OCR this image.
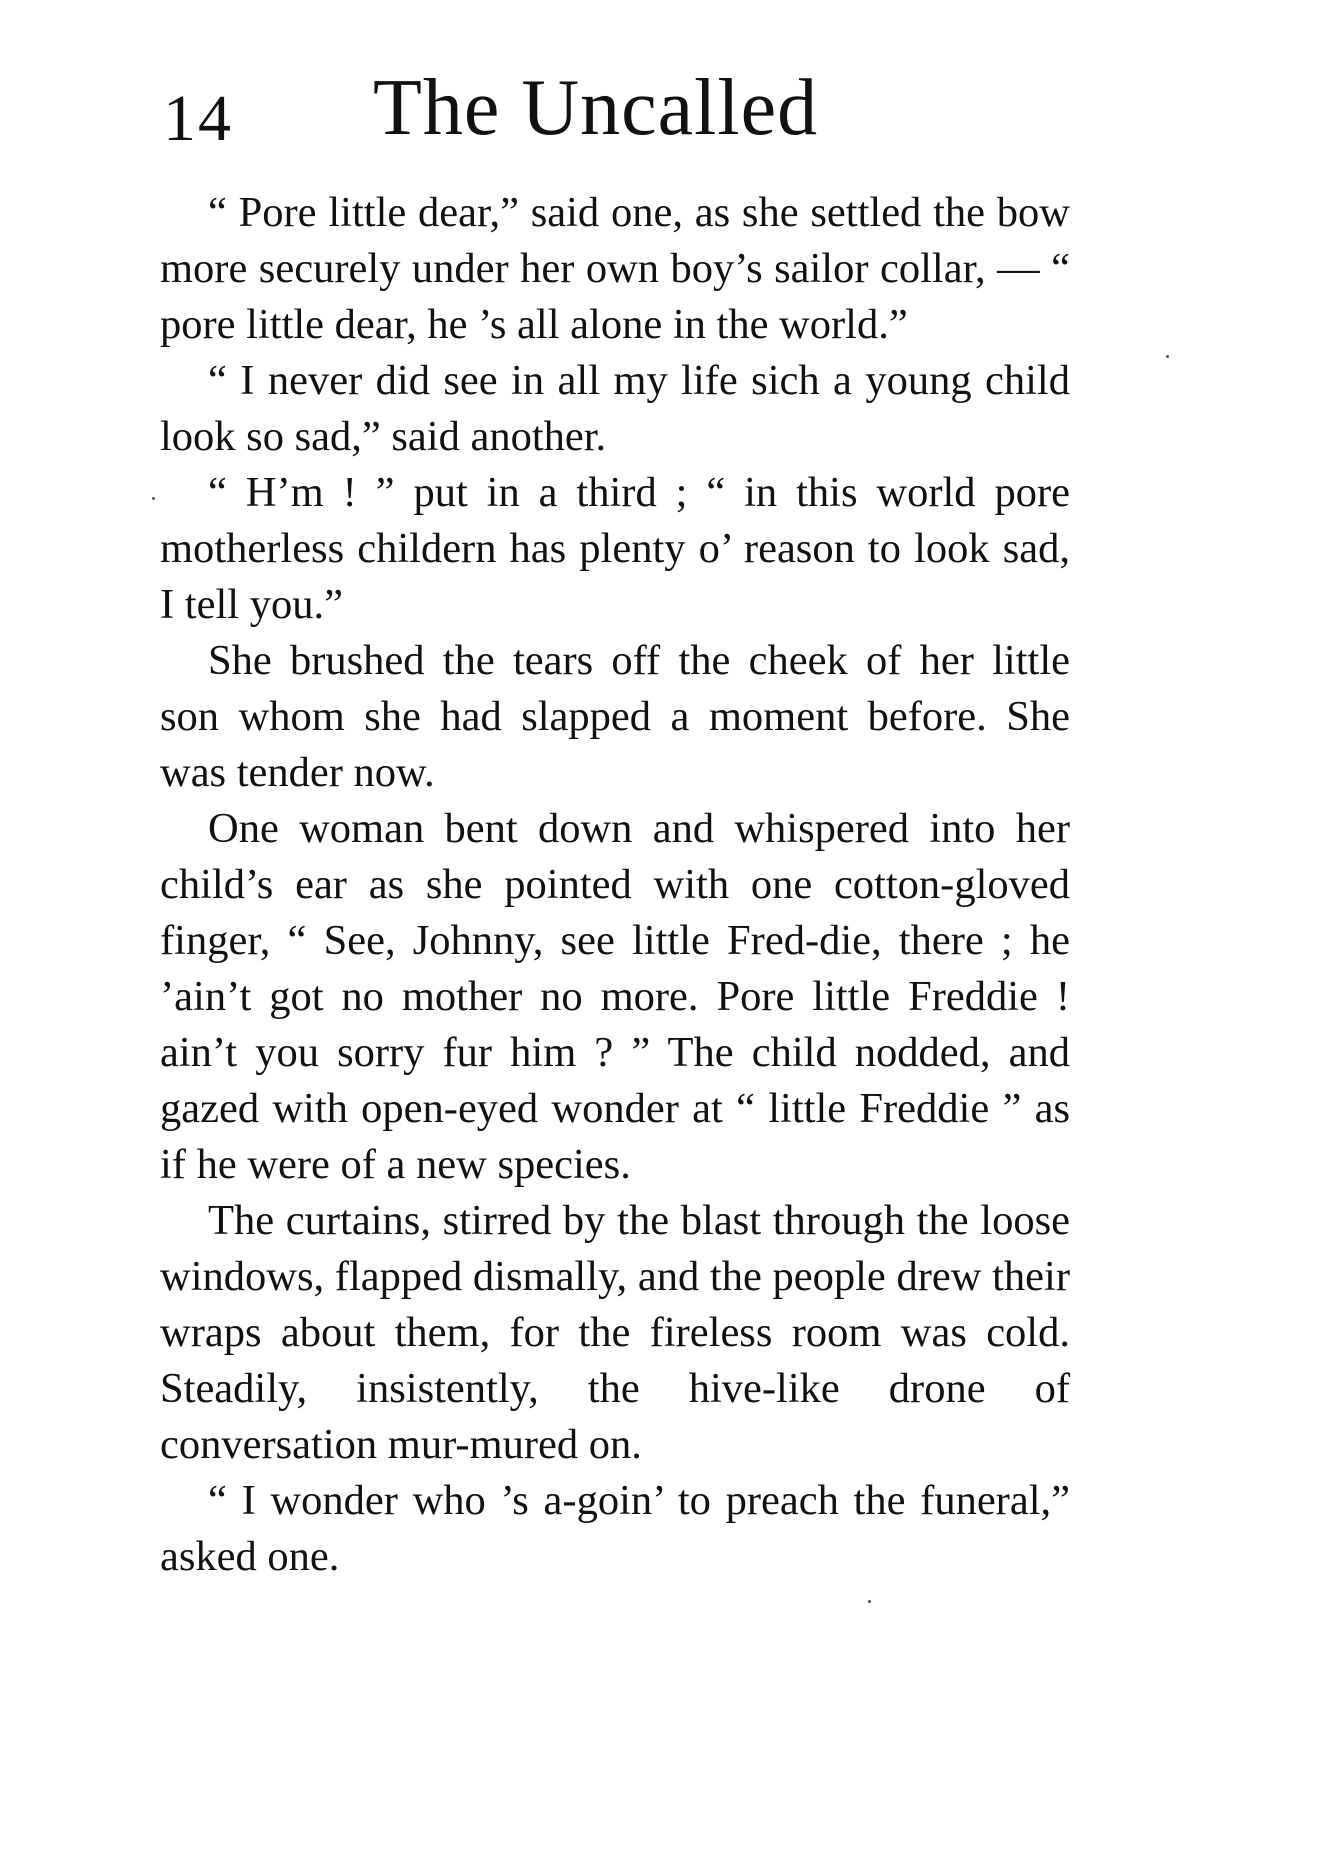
14 The Uncalled

“ Pore little dear,” said one, as she settled the bow more securely under her own boy’s sailor collar, — “ pore little dear, he ’s all alone in the world.”

“ I never did see in all my life sich a young child look so sad,” said another.

“ H’m ! ” put in a third ; “ in this world pore motherless childern has plenty o’ reason to look sad, I tell you.”

She brushed the tears off the cheek of her little son whom she had slapped a moment before. She was tender now.

One woman bent down and whispered into her child’s ear as she pointed with one cotton-gloved finger, “ See, Johnny, see little Fred-die, there ; he ’ain’t got no mother no more. Pore little Freddie ! ain’t you sorry fur him ? ” The child nodded, and gazed with open-eyed wonder at “ little Freddie ” as if he were of a new species.

The curtains, stirred by the blast through the loose windows, flapped dismally, and the people drew their wraps about them, for the fireless room was cold. Steadily, insistently, the hive-like drone of conversation mur-mured on.

“ I wonder who ’s a-goin’ to preach the funeral,” asked one.
